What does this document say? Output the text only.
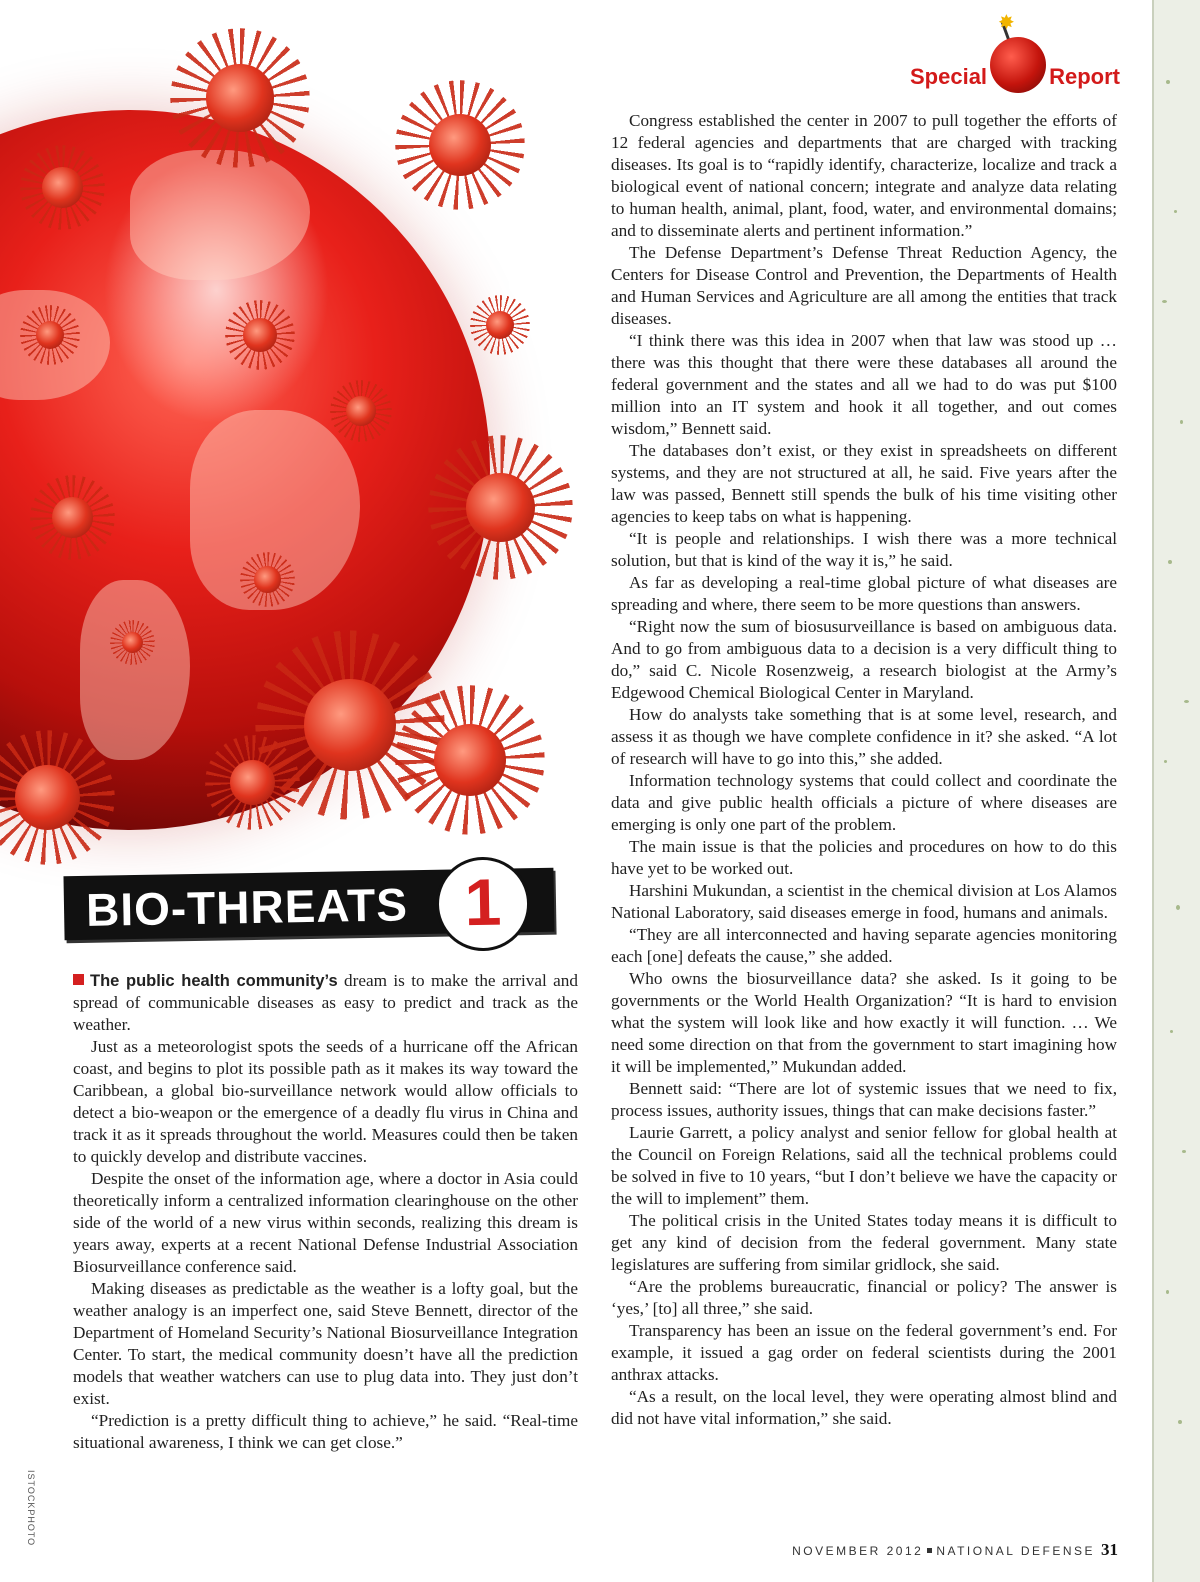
Special
✸
Report
BIO-THREATS 1
ISTOCKPHOTO

The public health community’s dream is to make the arrival and spread of communicable diseases as easy to predict and track as the weather.

Just as a meteorologist spots the seeds of a hurricane off the African coast, and begins to plot its possible path as it makes its way toward the Caribbean, a global bio-surveillance network would allow officials to detect a bio-weapon or the emergence of a deadly flu virus in China and track it as it spreads throughout the world. Measures could then be taken to quickly develop and distribute vaccines.

Despite the onset of the information age, where a doctor in Asia could theoretically inform a centralized information clearinghouse on the other side of the world of a new virus within seconds, realizing this dream is years away, experts at a recent National Defense Industrial Association Biosurveillance conference said.

Making diseases as predictable as the weather is a lofty goal, but the weather analogy is an imperfect one, said Steve Bennett, director of the Department of Homeland Security’s National Biosurveillance Integration Center. To start, the medical community doesn’t have all the prediction models that weather watchers can use to plug data into. They just don’t exist.

“Prediction is a pretty difficult thing to achieve,” he said. “Real-time situational awareness, I think we can get close.”

Congress established the center in 2007 to pull together the efforts of 12 federal agencies and departments that are charged with tracking diseases. Its goal is to “rapidly identify, characterize, localize and track a biological event of national concern; integrate and analyze data relating to human health, animal, plant, food, water, and environmental domains; and to disseminate alerts and pertinent information.”

The Defense Department’s Defense Threat Reduction Agency, the Centers for Disease Control and Prevention, the Departments of Health and Human Services and Agriculture are all among the entities that track diseases.

“I think there was this idea in 2007 when that law was stood up … there was this thought that there were these databases all around the federal government and the states and all we had to do was put $100 million into an IT system and hook it all together, and out comes wisdom,” Bennett said.

The databases don’t exist, or they exist in spreadsheets on different systems, and they are not structured at all, he said. Five years after the law was passed, Bennett still spends the bulk of his time visiting other agencies to keep tabs on what is happening.

“It is people and relationships. I wish there was a more technical solution, but that is kind of the way it is,” he said.

As far as developing a real-time global picture of what diseases are spreading and where, there seem to be more questions than answers.

“Right now the sum of biosusurveillance is based on ambiguous data. And to go from ambiguous data to a decision is a very difficult thing to do,” said C. Nicole Rosenzweig, a research biologist at the Army’s Edgewood Chemical Biological Center in Maryland.

How do analysts take something that is at some level, research, and assess it as though we have complete confidence in it? she asked. “A lot of research will have to go into this,” she added.

Information technology systems that could collect and coordinate the data and give public health officials a picture of where diseases are emerging is only one part of the problem.

The main issue is that the policies and procedures on how to do this have yet to be worked out.

Harshini Mukundan, a scientist in the chemical division at Los Alamos National Laboratory, said diseases emerge in food, humans and animals.

“They are all interconnected and having separate agencies monitoring each [one] defeats the cause,” she added.

Who owns the biosurveillance data? she asked. Is it going to be governments or the World Health Organization? “It is hard to envision what the system will look like and how exactly it will function. … We need some direction on that from the government to start imagining how it will be implemented,” Mukundan added.

Bennett said: “There are lot of systemic issues that we need to fix, process issues, authority issues, things that can make decisions faster.”

Laurie Garrett, a policy analyst and senior fellow for global health at the Council on Foreign Relations, said all the technical problems could be solved in five to 10 years, “but I don’t believe we have the capacity or the will to implement” them.

The political crisis in the United States today means it is difficult to get any kind of decision from the federal government. Many state legislatures are suffering from similar gridlock, she said.

“Are the problems bureaucratic, financial or policy? The answer is ‘yes,’ [to] all three,” she said.

Transparency has been an issue on the federal government’s end. For example, it issued a gag order on federal scientists during the 2001 anthrax attacks.

“As a result, on the local level, they were operating almost blind and did not have vital information,” she said.

NOVEMBER 2012 NATIONAL DEFENSE 31
